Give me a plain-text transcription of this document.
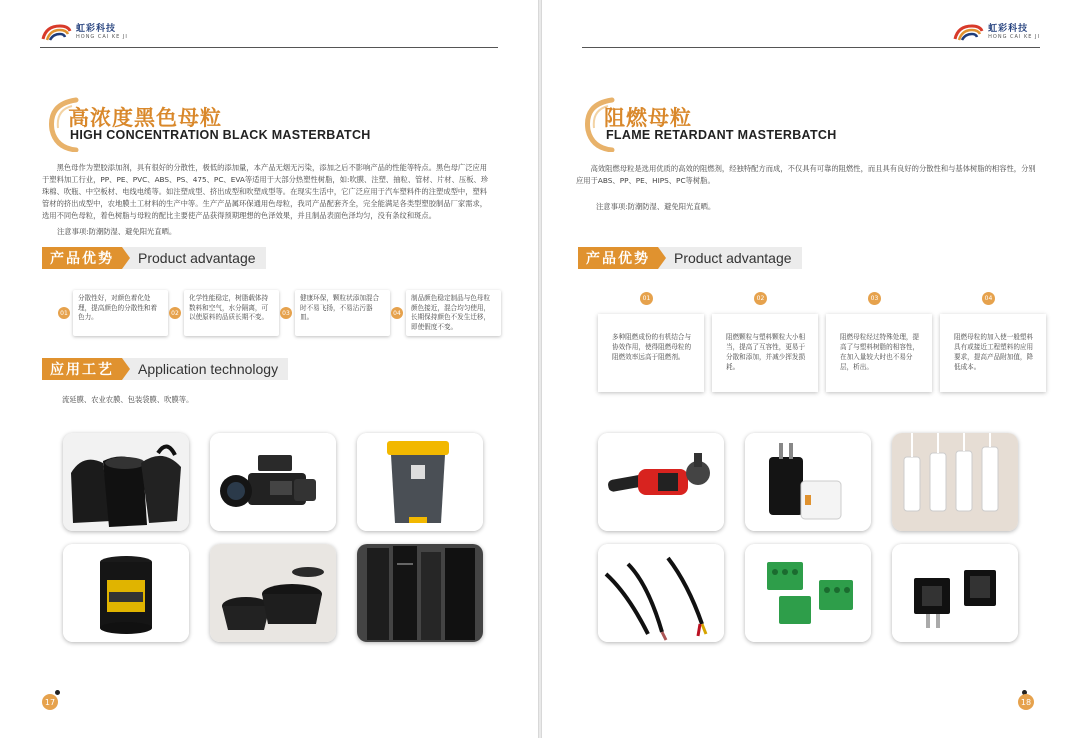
虹彩科技
HONG CAI KE JI
高浓度黑色母粒
HIGH CONCENTRATION BLACK MASTERBATCH

黑色母作为塑胶添加剂，具有很好的分散性，极低的添加量，本产品无烟无污染，添加之后不影响产品的性能等特点。黑色母广泛应用于塑料加工行业，PP、PE、PVC、ABS、PS、475、PC、EVA等适用于大部分热塑性树脂，如:吹膜、注塑、抽粒、管材、片材、压板、珍珠棉、吹瓶、中空板材、电线电缆等。如注塑成型、挤出成型和吹塑成型等。在现实生活中，它广泛应用于汽车塑料件的注塑成型中，塑料管材的挤出成型中，农地膜土工材料的生产中等。生产产品属环保通用色母粒，我司产品配套齐全，完全能满足各类型塑胶制品厂家需求，选用不同色母粒，着色树脂与母粒的配比主要使产品获得预期理想的色泽效果，并且制品表面色泽均匀，没有条纹和斑点。

注意事项:防潮防湿、避免阳光直晒。
产品优势	Product advantage
01
分散性好，对颜色着化处理，提高颜色的分散性和着色力。
02
化学性能稳定，树脂载体持数料和空气，水分隔离，可以使原料的品质长期不变。
03
健康环保，颗粒状添加混合时不易飞扬，不易沾污器皿。
04
制品颜色稳定制品与色母粒颜色接近，混合均匀使用，长期保持颜色不发生迁移，即使假度不变。
应用工艺	Application technology
流延膜、农业农膜、包装袋膜、吹膜等。
17
虹彩科技
HONG CAI KE JI
阻燃母粒
FLAME RETARDANT MASTERBATCH

高效阻燃母粒是选用优质的高效的阻燃剂，经独特配方而成，不仅具有可靠的阻燃性，而且具有良好的分散性和与基体树脂的相容性，分别应用于ABS、PP、PE、HIPS、PC等树脂。

注意事项:防潮防湿、避免阳光直晒。
产品优势	Product advantage
01
多种阻燃成份的有机结合与协效作用，使得阻燃母粒的阻燃效率远高于阻燃剂。
02
阻燃颗粒与塑料颗粒大小相当，提高了互容性，更易于分散和添加，并减少挥发损耗。
03
阻燃母粒经过特殊处理，提高了与塑料树脂的相容性，在加入量较大时也不易分层，析出。
04
阻燃母粒的加入使一般塑料具有或接近工程塑料的应用要求，提高产品附加值，降低成本。
18
